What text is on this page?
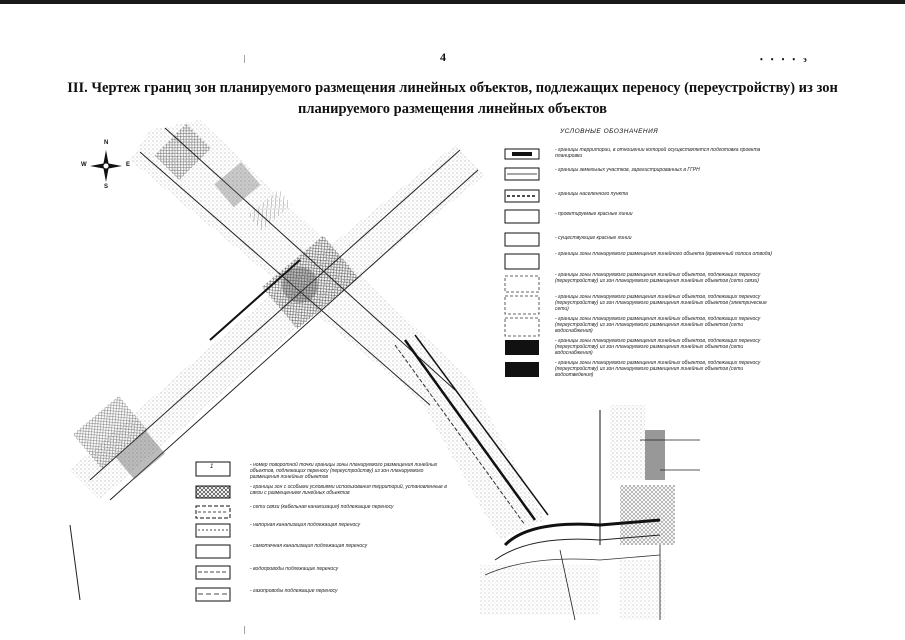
4	• • • • э
|
|
III. Чертеж границ зон планируемого размещения линейных объектов, подлежащих переносу (переустройству) из зон планируемого размещения линейных объектов
N
S
W	E
УСЛОВНЫЕ ОБОЗНАЧЕНИЯ
- границы территории, в отношении которой осуществляется подготовка проекта планировки
- границы земельных участков, зарегистрированных в ГГРН
- границы населенного пункта
- проектируемые красные линии
- существующие красные линии
- границы зоны планируемого размещения линейного объекта (временный полоса отвода)
- границы зоны планируемого размещения линейных объектов, подлежащих переносу (переустройству) из зон планируемого размещения линейных объектов (сети связи)
- границы зоны планируемого размещения линейных объектов, подлежащих переносу (переустройству) из зон планируемого размещения линейных объектов (электрические сети)
- границы зоны планируемого размещения линейных объектов, подлежащих переносу (переустройству) из зон планируемого размещения линейных объектов (сети водоснабжения)
- границы зоны планируемого размещения линейных объектов, подлежащих переносу (переустройству) из зон планируемого размещения линейных объектов (сети водоснабжения)
- границы зоны планируемого размещения линейных объектов, подлежащих переносу (переустройству) из зон планируемого размещения линейных объектов (сети водоотведения)
1	- номер поворотной точки границы зоны планируемого размещения линейных объектов, подлежащих переносу (переустройству) из зон планируемого размещения линейных объектов
- границы зон с особыми условиями использования территорий, установленные в связи с размещением линейных объектов
- сети связи (кабельная канализация) подлежащие переносу
- напорная канализация подлежащая переносу
- самотечная канализация подлежащая переносу
- водопроводы подлежащие переносу
- газопроводы подлежащие переносу
